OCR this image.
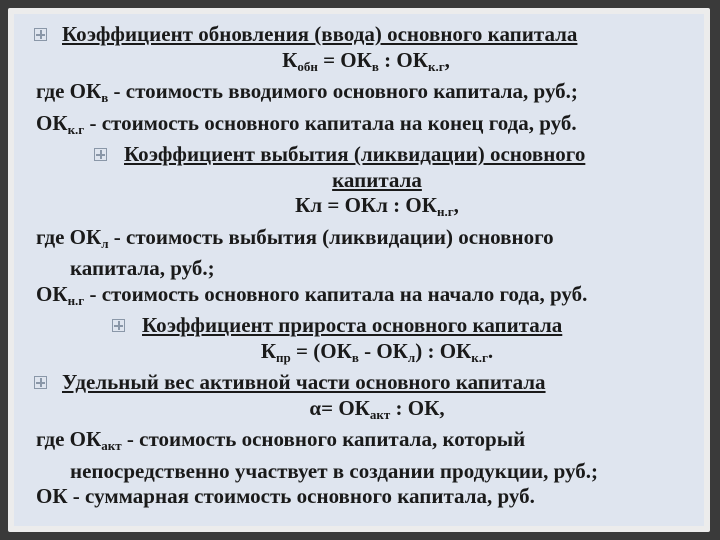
Коэффициент обновления (ввода) основного капитала
$К_{обн} = ОК_в$ : $ОК_{к.г}$,
где $ОК_в$ - стоимость вводимого основного капитала, руб.;
$ОК_{к.г}$ - стоимость основного капитала на конец года, руб.
Коэффициент выбытия (ликвидации) основного
капитала
Кл = ОКл : $ОК_{н.г}$,
где $ОК_л$ - стоимость выбытия (ликвидации) основного
капитала, руб.;
$ОК_{н.г}$ - стоимость основного капитала на начало года, руб.
Коэффициент прироста основного капитала
$К_{пр} = (ОК_в - ОК_л)$ : $ОК_{к.г}$.
Удельный вес активной части основного капитала
$\alpha= ОК_{акт}$ : ОК,
где $ОК_{акт}$ - стоимость основного капитала, который
непосредственно участвует в создании продукции, руб.;
ОК - суммарная стоимость основного капитала, руб.
